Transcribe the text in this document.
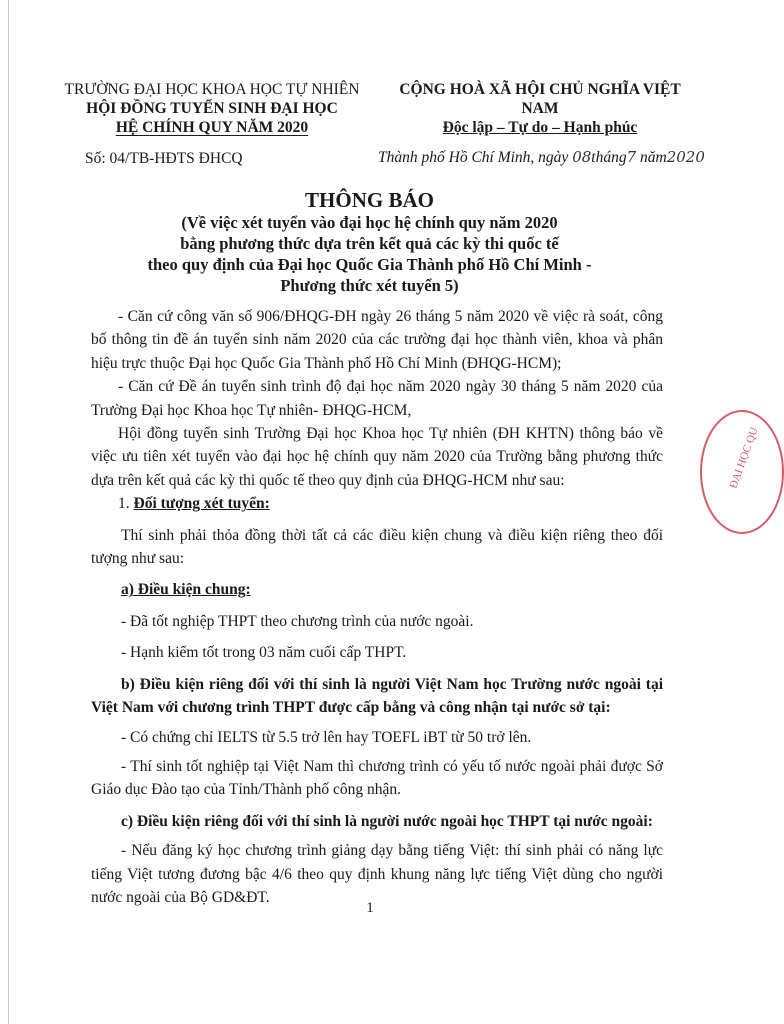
TRƯỜNG ĐẠI HỌC KHOA HỌC TỰ NHIÊN
HỘI ĐỒNG TUYỂN SINH ĐẠI HỌC
HỆ CHÍNH QUY NĂM 2020
CỘNG HOÀ XÃ HỘI CHỦ NGHĨA VIỆT NAM
Độc lập – Tự do – Hạnh phúc
Số: 04/TB-HĐTS ĐHCQ	Thành phố Hồ Chí Minh, ngày 08tháng7 năm2020
THÔNG BÁO
(Về việc xét tuyển vào đại học hệ chính quy năm 2020
bằng phương thức dựa trên kết quả các kỳ thi quốc tế
theo quy định của Đại học Quốc Gia Thành phố Hồ Chí Minh -
Phương thức xét tuyển 5)

- Căn cứ công văn số 906/ĐHQG-ĐH ngày 26 tháng 5 năm 2020 về việc rà soát, công bố thông tin đề án tuyển sinh năm 2020 của các trường đại học thành viên, khoa và phân hiệu trực thuộc Đại học Quốc Gia Thành phố Hồ Chí Minh (ĐHQG-HCM);

- Căn cứ Đề án tuyển sinh trình độ đại học năm 2020 ngày 30 tháng 5 năm 2020 của Trường Đại học Khoa học Tự nhiên- ĐHQG-HCM,

Hội đồng tuyển sinh Trường Đại học Khoa học Tự nhiên (ĐH KHTN) thông báo về việc ưu tiên xét tuyển vào đại học hệ chính quy năm 2020 của Trường bằng phương thức dựa trên kết quả các kỳ thi quốc tế theo quy định của ĐHQG-HCM như sau:

1. Đối tượng xét tuyển:

Thí sinh phải thỏa đồng thời tất cả các điều kiện chung và điều kiện riêng theo đối tượng như sau:

a) Điều kiện chung:

- Đã tốt nghiệp THPT theo chương trình của nước ngoài.

- Hạnh kiểm tốt trong 03 năm cuối cấp THPT.

b) Điều kiện riêng đối với thí sinh là người Việt Nam học Trường nước ngoài tại Việt Nam với chương trình THPT được cấp bằng và công nhận tại nước sở tại:

- Có chứng chỉ IELTS từ 5.5 trở lên hay TOEFL iBT từ 50 trở lên.

- Thí sinh tốt nghiệp tại Việt Nam thì chương trình có yếu tố nước ngoài phải được Sở Giáo dục Đào tạo của Tỉnh/Thành phố công nhận.

c) Điều kiện riêng đối với thí sinh là người nước ngoài học THPT tại nước ngoài:

- Nếu đăng ký học chương trình giảng dạy bằng tiếng Việt: thí sinh phải có năng lực tiếng Việt tương đương bậc 4/6 theo quy định khung năng lực tiếng Việt dùng cho người nước ngoài của Bộ GD&ĐT.

1
ĐẠI HỌC QU
